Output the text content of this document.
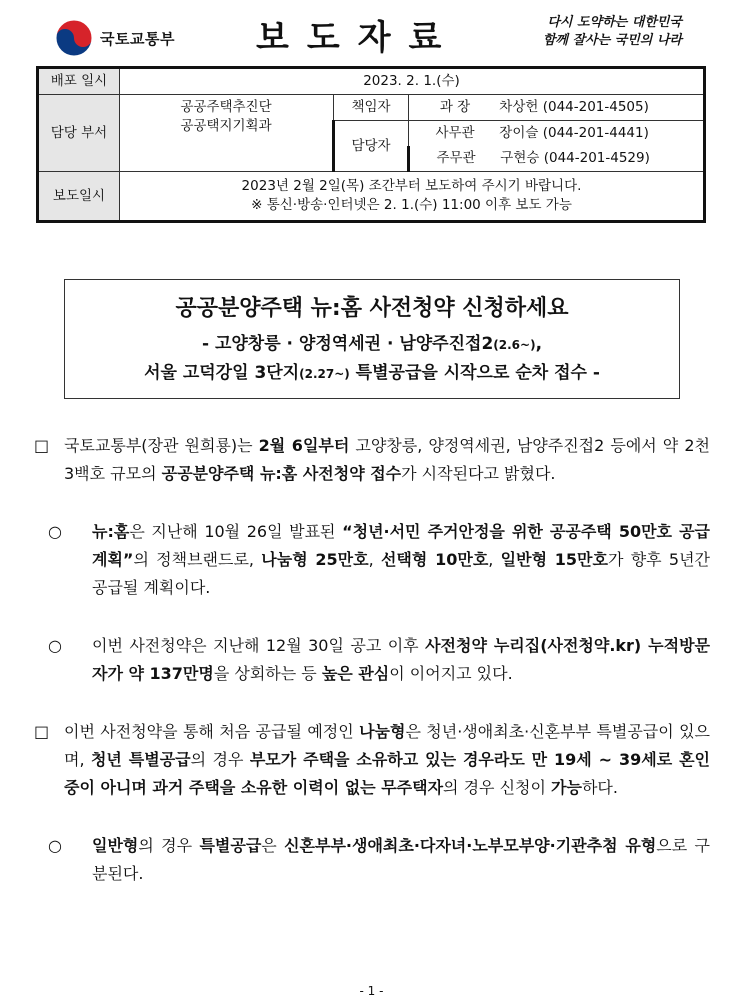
국토교통부 보도자료	다시 도약하는 대한민국
함께 잘사는 국민의 나라
배포 일시	2023. 2. 1.(수)		
담당 부서	공공주택추진단
공공택지기획과	책임자	과 장 차상헌 (044-201-4505)
		담당자	사무관 장이슬 (044-201-4441)
			주무관 구현승 (044-201-4529)
보도일시	2023년 2월 2일(목) 조간부터 보도하여 주시기 바랍니다.
※ 통신·방송·인터넷은 2. 1.(수) 11:00 이후 보도 가능		
공공분양주택 뉴:홈 사전청약 신청하세요
- 고양창릉 · 양정역세권 · 남양주진접2(2.6~),
서울 고덕강일 3단지(2.27~) 특별공급을 시작으로 순차 접수 -
□ 국토교통부(장관 원희룡)는 2월 6일부터 고양창릉, 양정역세권, 남양주진접2 등에서 약 2천 3백호 규모의 공공분양주택 뉴:홈 사전청약 접수가 시작된다고 밝혔다.
○ 뉴:홈은 지난해 10월 26일 발표된 “청년·서민 주거안정을 위한 공공주택 50만호 공급계획”의 정책브랜드로, 나눔형 25만호, 선택형 10만호, 일반형 15만호가 향후 5년간 공급될 계획이다.
○ 이번 사전청약은 지난해 12월 30일 공고 이후 사전청약 누리집(사전청약.kr) 누적방문자가 약 137만명을 상회하는 등 높은 관심이 이어지고 있다.
□ 이번 사전청약을 통해 처음 공급될 예정인 나눔형은 청년·생애최초·신혼부부 특별공급이 있으며, 청년 특별공급의 경우 부모가 주택을 소유하고 있는 경우라도 만 19세 ~ 39세로 혼인 중이 아니며 과거 주택을 소유한 이력이 없는 무주택자의 경우 신청이 가능하다.
○ 일반형의 경우 특별공급은 신혼부부·생애최초·다자녀·노부모부양·기관추첨 유형으로 구분된다.
- 1 -
